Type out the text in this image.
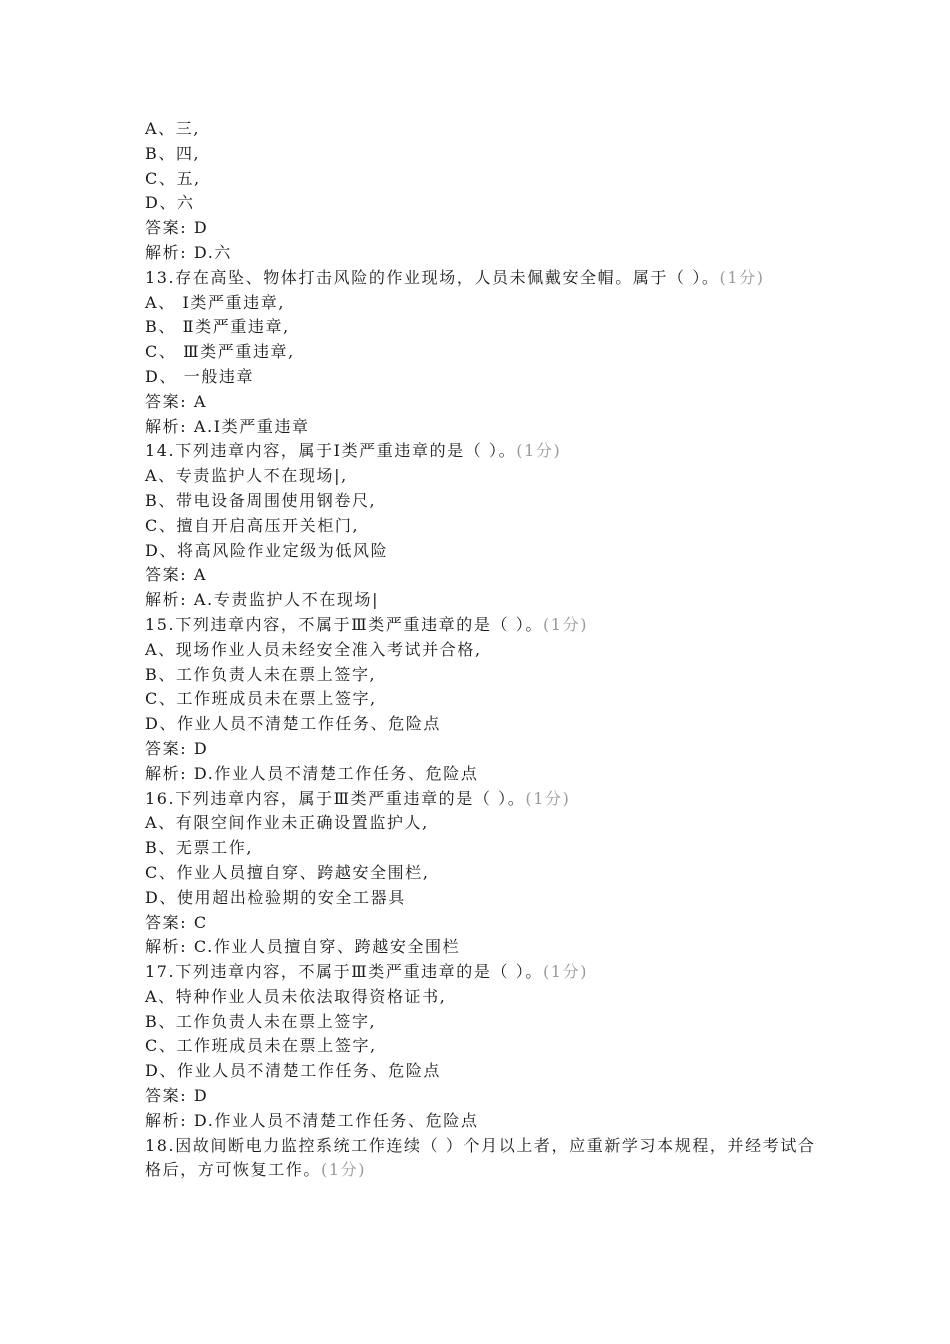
A、三,
B、四,
C、五,
D、六
答案: D
解析: D.六
13.存在高坠、物体打击风险的作业现场，人员未佩戴安全帽。属于（ ）。(1分)
A、 Ⅰ类严重违章,
B、 Ⅱ类严重违章,
C、 Ⅲ类严重违章,
D、 一般违章
答案: A
解析: A.Ⅰ类严重违章
14.下列违章内容，属于Ⅰ类严重违章的是（ ）。(1分)
A、专责监护人不在现场|,
B、带电设备周围使用钢卷尺,
C、擅自开启高压开关柜门,
D、将高风险作业定级为低风险
答案: A
解析: A.专责监护人不在现场|
15.下列违章内容，不属于Ⅲ类严重违章的是（ ）。(1分)
A、现场作业人员未经安全准入考试并合格,
B、工作负责人未在票上签字,
C、工作班成员未在票上签字,
D、作业人员不清楚工作任务、危险点
答案: D
解析: D.作业人员不清楚工作任务、危险点
16.下列违章内容，属于Ⅲ类严重违章的是（ ）。(1分)
A、有限空间作业未正确设置监护人,
B、无票工作,
C、作业人员擅自穿、跨越安全围栏,
D、使用超出检验期的安全工器具
答案: C
解析: C.作业人员擅自穿、跨越安全围栏
17.下列违章内容，不属于Ⅲ类严重违章的是（ ）。(1分)
A、特种作业人员未依法取得资格证书,
B、工作负责人未在票上签字,
C、工作班成员未在票上签字,
D、作业人员不清楚工作任务、危险点
答案: D
解析: D.作业人员不清楚工作任务、危险点
18.因故间断电力监控系统工作连续（ ）个月以上者，应重新学习本规程，并经考试合格后，方可恢复工作。(1分)
